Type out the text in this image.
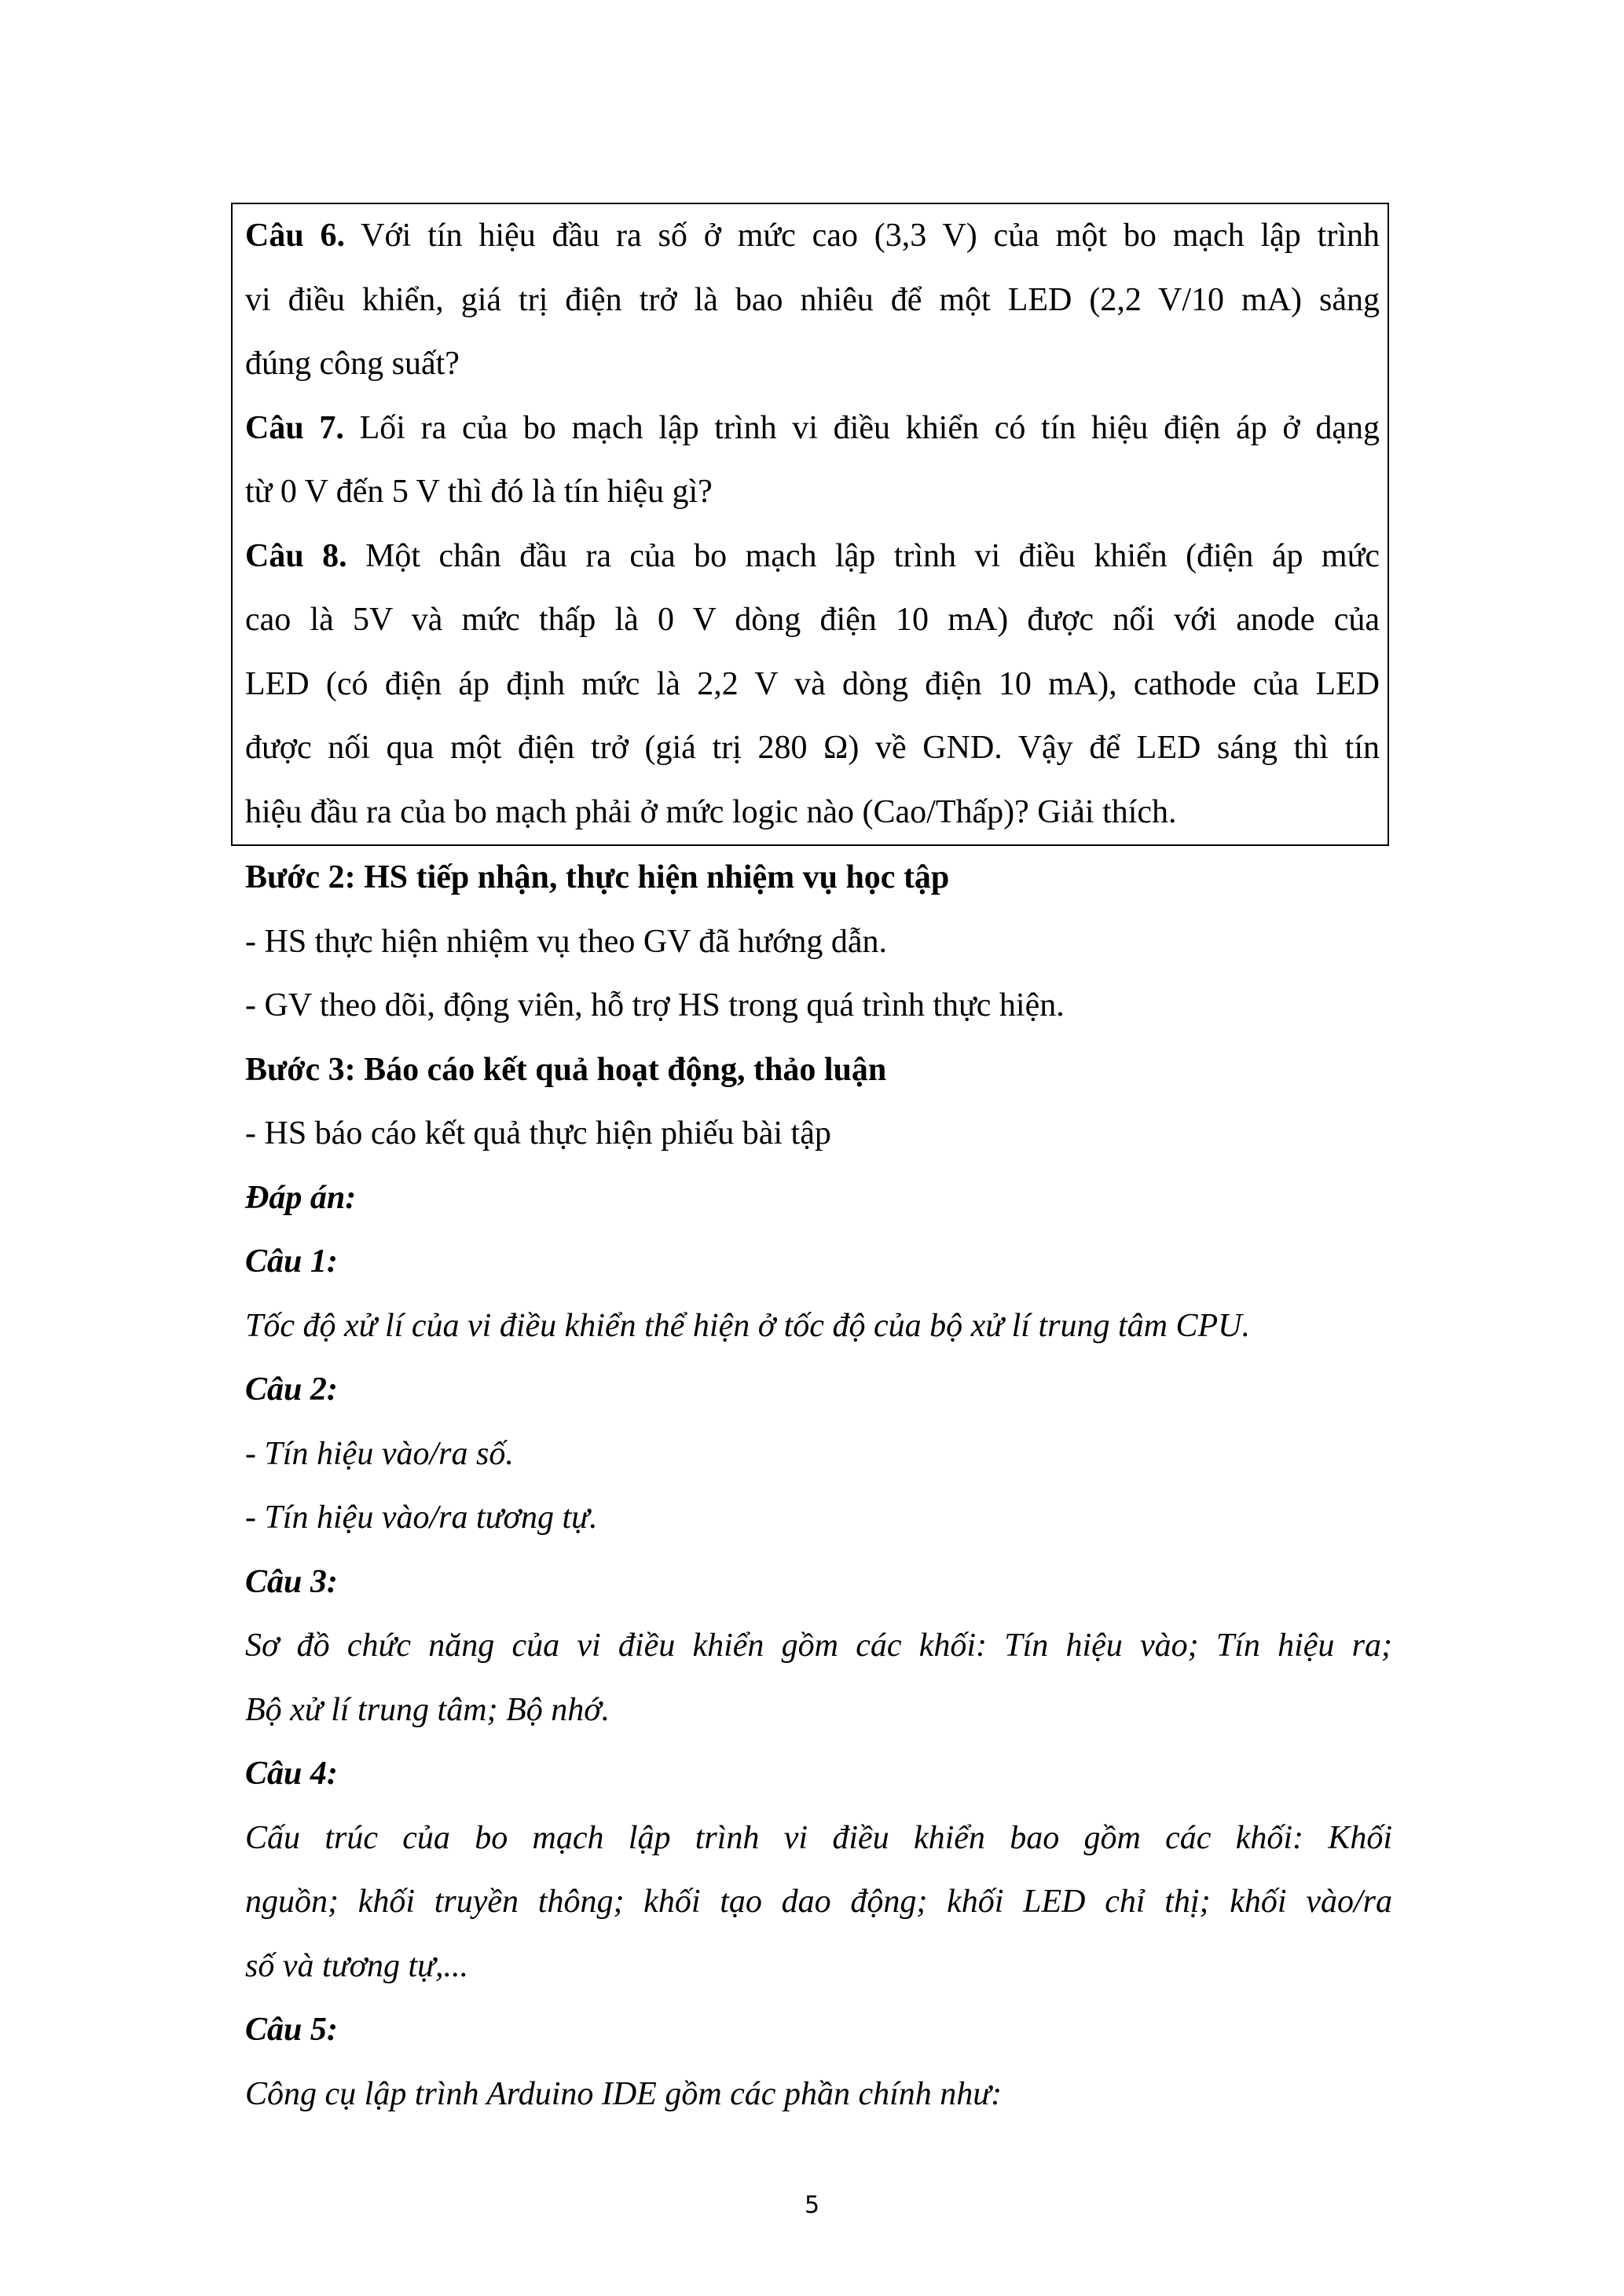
Câu 6. Với tín hiệu đầu ra số ở mức cao (3,3 V) của một bo mạch lập trình
vi điều khiển, giá trị điện trở là bao nhiêu để một LED (2,2 V/10 mA) sảng
đúng công suất?
Câu 7. Lối ra của bo mạch lập trình vi điều khiển có tín hiệu điện áp ở dạng
từ 0 V đến 5 V thì đó là tín hiệu gì?
Câu 8. Một chân đầu ra của bo mạch lập trình vi điều khiển (điện áp mức
cao là 5V và mức thấp là 0 V dòng điện 10 mA) được nối với anode của
LED (có điện áp định mức là 2,2 V và dòng điện 10 mA), cathode của LED
được nối qua một điện trở (giá trị 280 Ω) về GND. Vậy để LED sáng thì tín
hiệu đầu ra của bo mạch phải ở mức logic nào (Cao/Thấp)? Giải thích.
Bước 2: HS tiếp nhận, thực hiện nhiệm vụ học tập
- HS thực hiện nhiệm vụ theo GV đã hướng dẫn.
- GV theo dõi, động viên, hỗ trợ HS trong quá trình thực hiện.
Bước 3: Báo cáo kết quả hoạt động, thảo luận
- HS báo cáo kết quả thực hiện phiếu bài tập
Đáp án:
Câu 1:
Tốc độ xử lí của vi điều khiển thể hiện ở tốc độ của bộ xử lí trung tâm CPU.
Câu 2:
- Tín hiệu vào/ra số.
- Tín hiệu vào/ra tương tự.
Câu 3:
Sơ đồ chức năng của vi điều khiển gồm các khối: Tín hiệu vào; Tín hiệu ra;
Bộ xử lí trung tâm; Bộ nhớ.
Câu 4:
Cấu trúc của bo mạch lập trình vi điều khiển bao gồm các khối: Khối
nguồn; khối truyền thông; khối tạo dao động; khối LED chỉ thị; khối vào/ra
số và tương tự,...
Câu 5:
Công cụ lập trình Arduino IDE gồm các phần chính như:
5
